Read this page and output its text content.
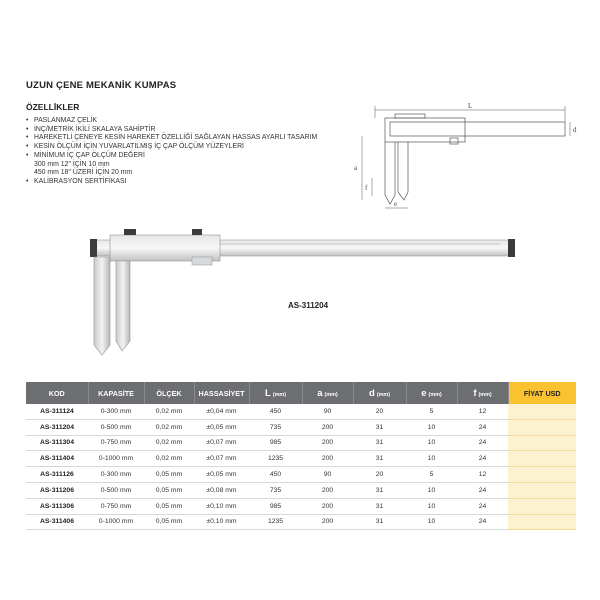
UZUN ÇENE MEKANİK KUMPAS
ÖZELLİKLER
• PASLANMAZ ÇELİK
• İNÇ/METRİK İKİLİ SKALAYA SAHİPTİR
• HAREKETLİ ÇENEYE KESİN HAREKET ÖZELLİĞİ SAĞLAYAN HASSAS AYARLI TASARIM
• KESİN ÖLÇÜM İÇİN YUVARLATILMIŞ İÇ ÇAP ÖLÇÜM YÜZEYLERİ
• MİNİMUM İÇ ÇAP ÖLÇÜM DEĞERİ
300 mm 12" İÇİN 10 mm
450 mm 18" ÜZERİ İÇİN 20 mm
• KALİBRASYON SERTİFİKASI
L
d
a
f
e
AS-311204
KOD	KAPASİTE	ÖLÇEK	HASSASİYET	L (mm)	a (mm)	d (mm)	e (mm)	f (mm)	FİYAT USD
AS-311124	0-300 mm	0,02 mm	±0,04 mm	450	90	20	5	12	
AS-311204	0-500 mm	0,02 mm	±0,05 mm	735	200	31	10	24	
AS-311304	0-750 mm	0,02 mm	±0,07 mm	985	200	31	10	24	
AS-311404	0-1000 mm	0,02 mm	±0,07 mm	1235	200	31	10	24	
AS-311126	0-300 mm	0,05 mm	±0,05 mm	450	90	20	5	12	
AS-311206	0-500 mm	0,05 mm	±0,08 mm	735	200	31	10	24	
AS-311306	0-750 mm	0,05 mm	±0,10 mm	985	200	31	10	24	
AS-311406	0-1000 mm	0,05 mm	±0,10 mm	1235	200	31	10	24	
